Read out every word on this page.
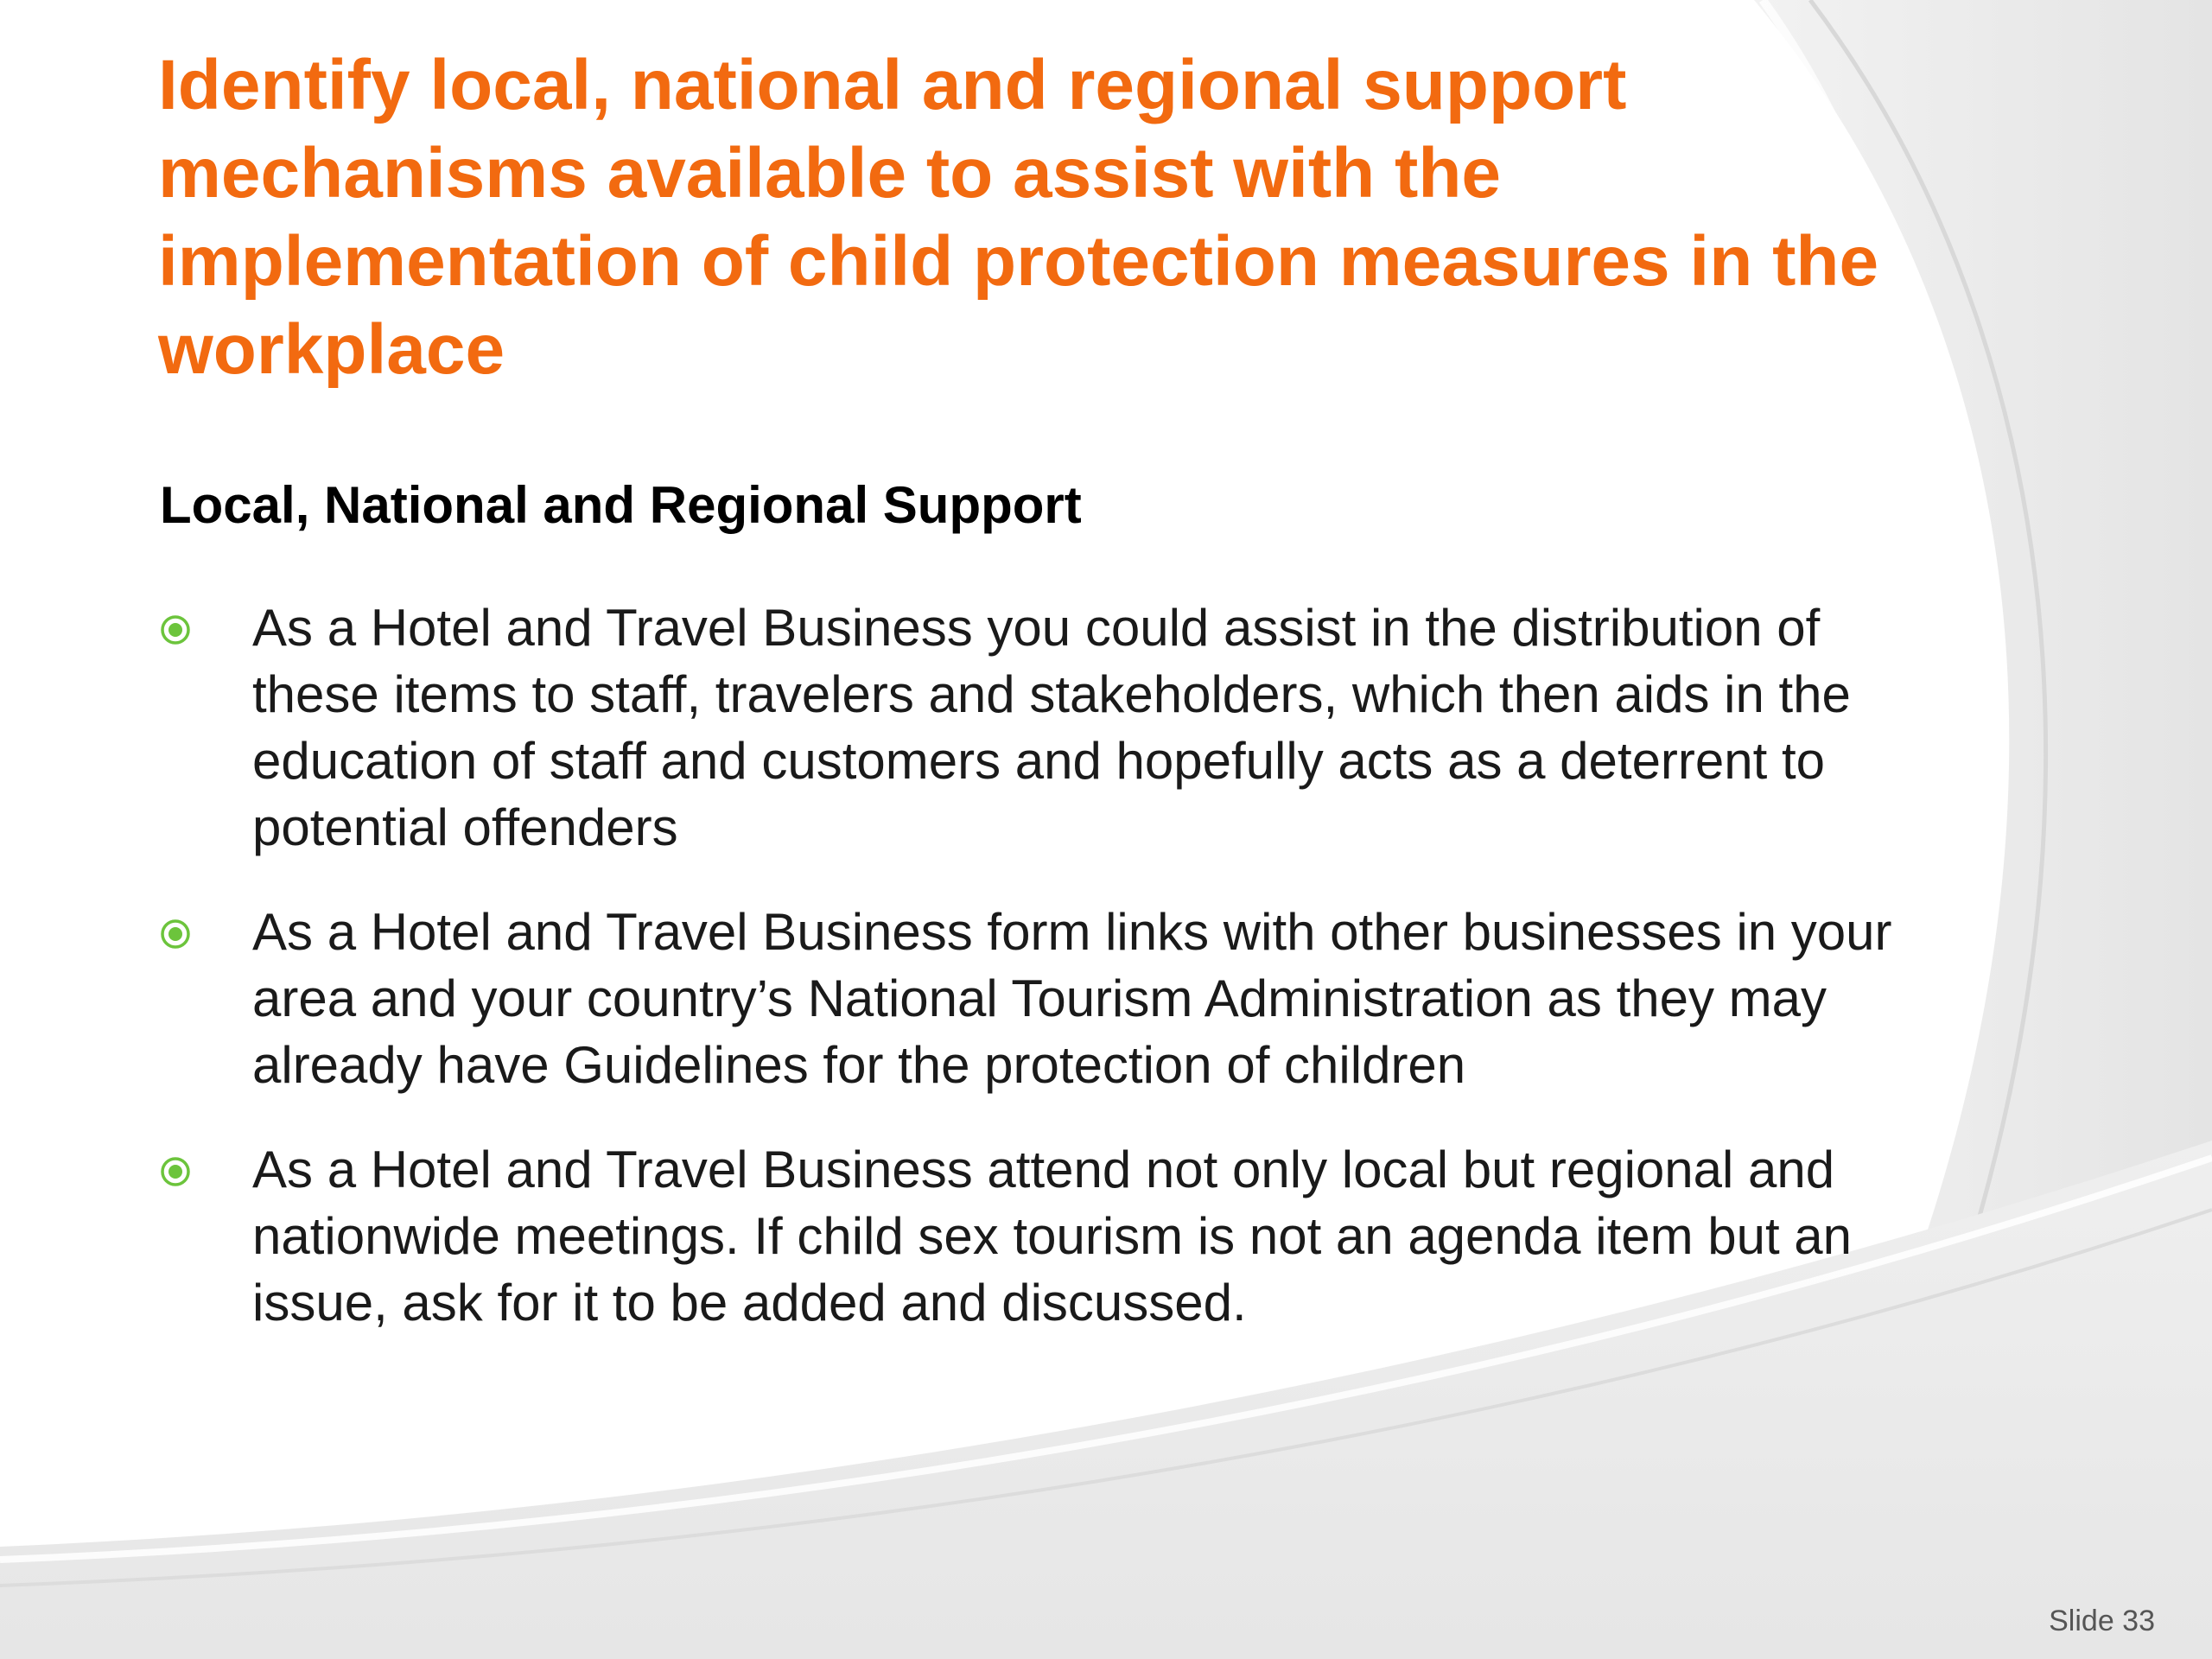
Identify local, national and regional support mechanisms available to assist with the implementation of child protection measures in the workplace
Local, National and Regional Support
As a Hotel and Travel Business you could assist in the distribution of these items to staff, travelers and stakeholders, which then aids in the education of staff and customers and hopefully acts as a deterrent to potential offenders
As a Hotel and Travel Business form links with other businesses in your area and your country’s National Tourism Administration as they may already have Guidelines for the protection of children
As a Hotel and Travel Business attend not only local but regional and nationwide meetings. If child sex tourism is not an agenda item but an issue, ask for it to be added and discussed.
Slide 33
